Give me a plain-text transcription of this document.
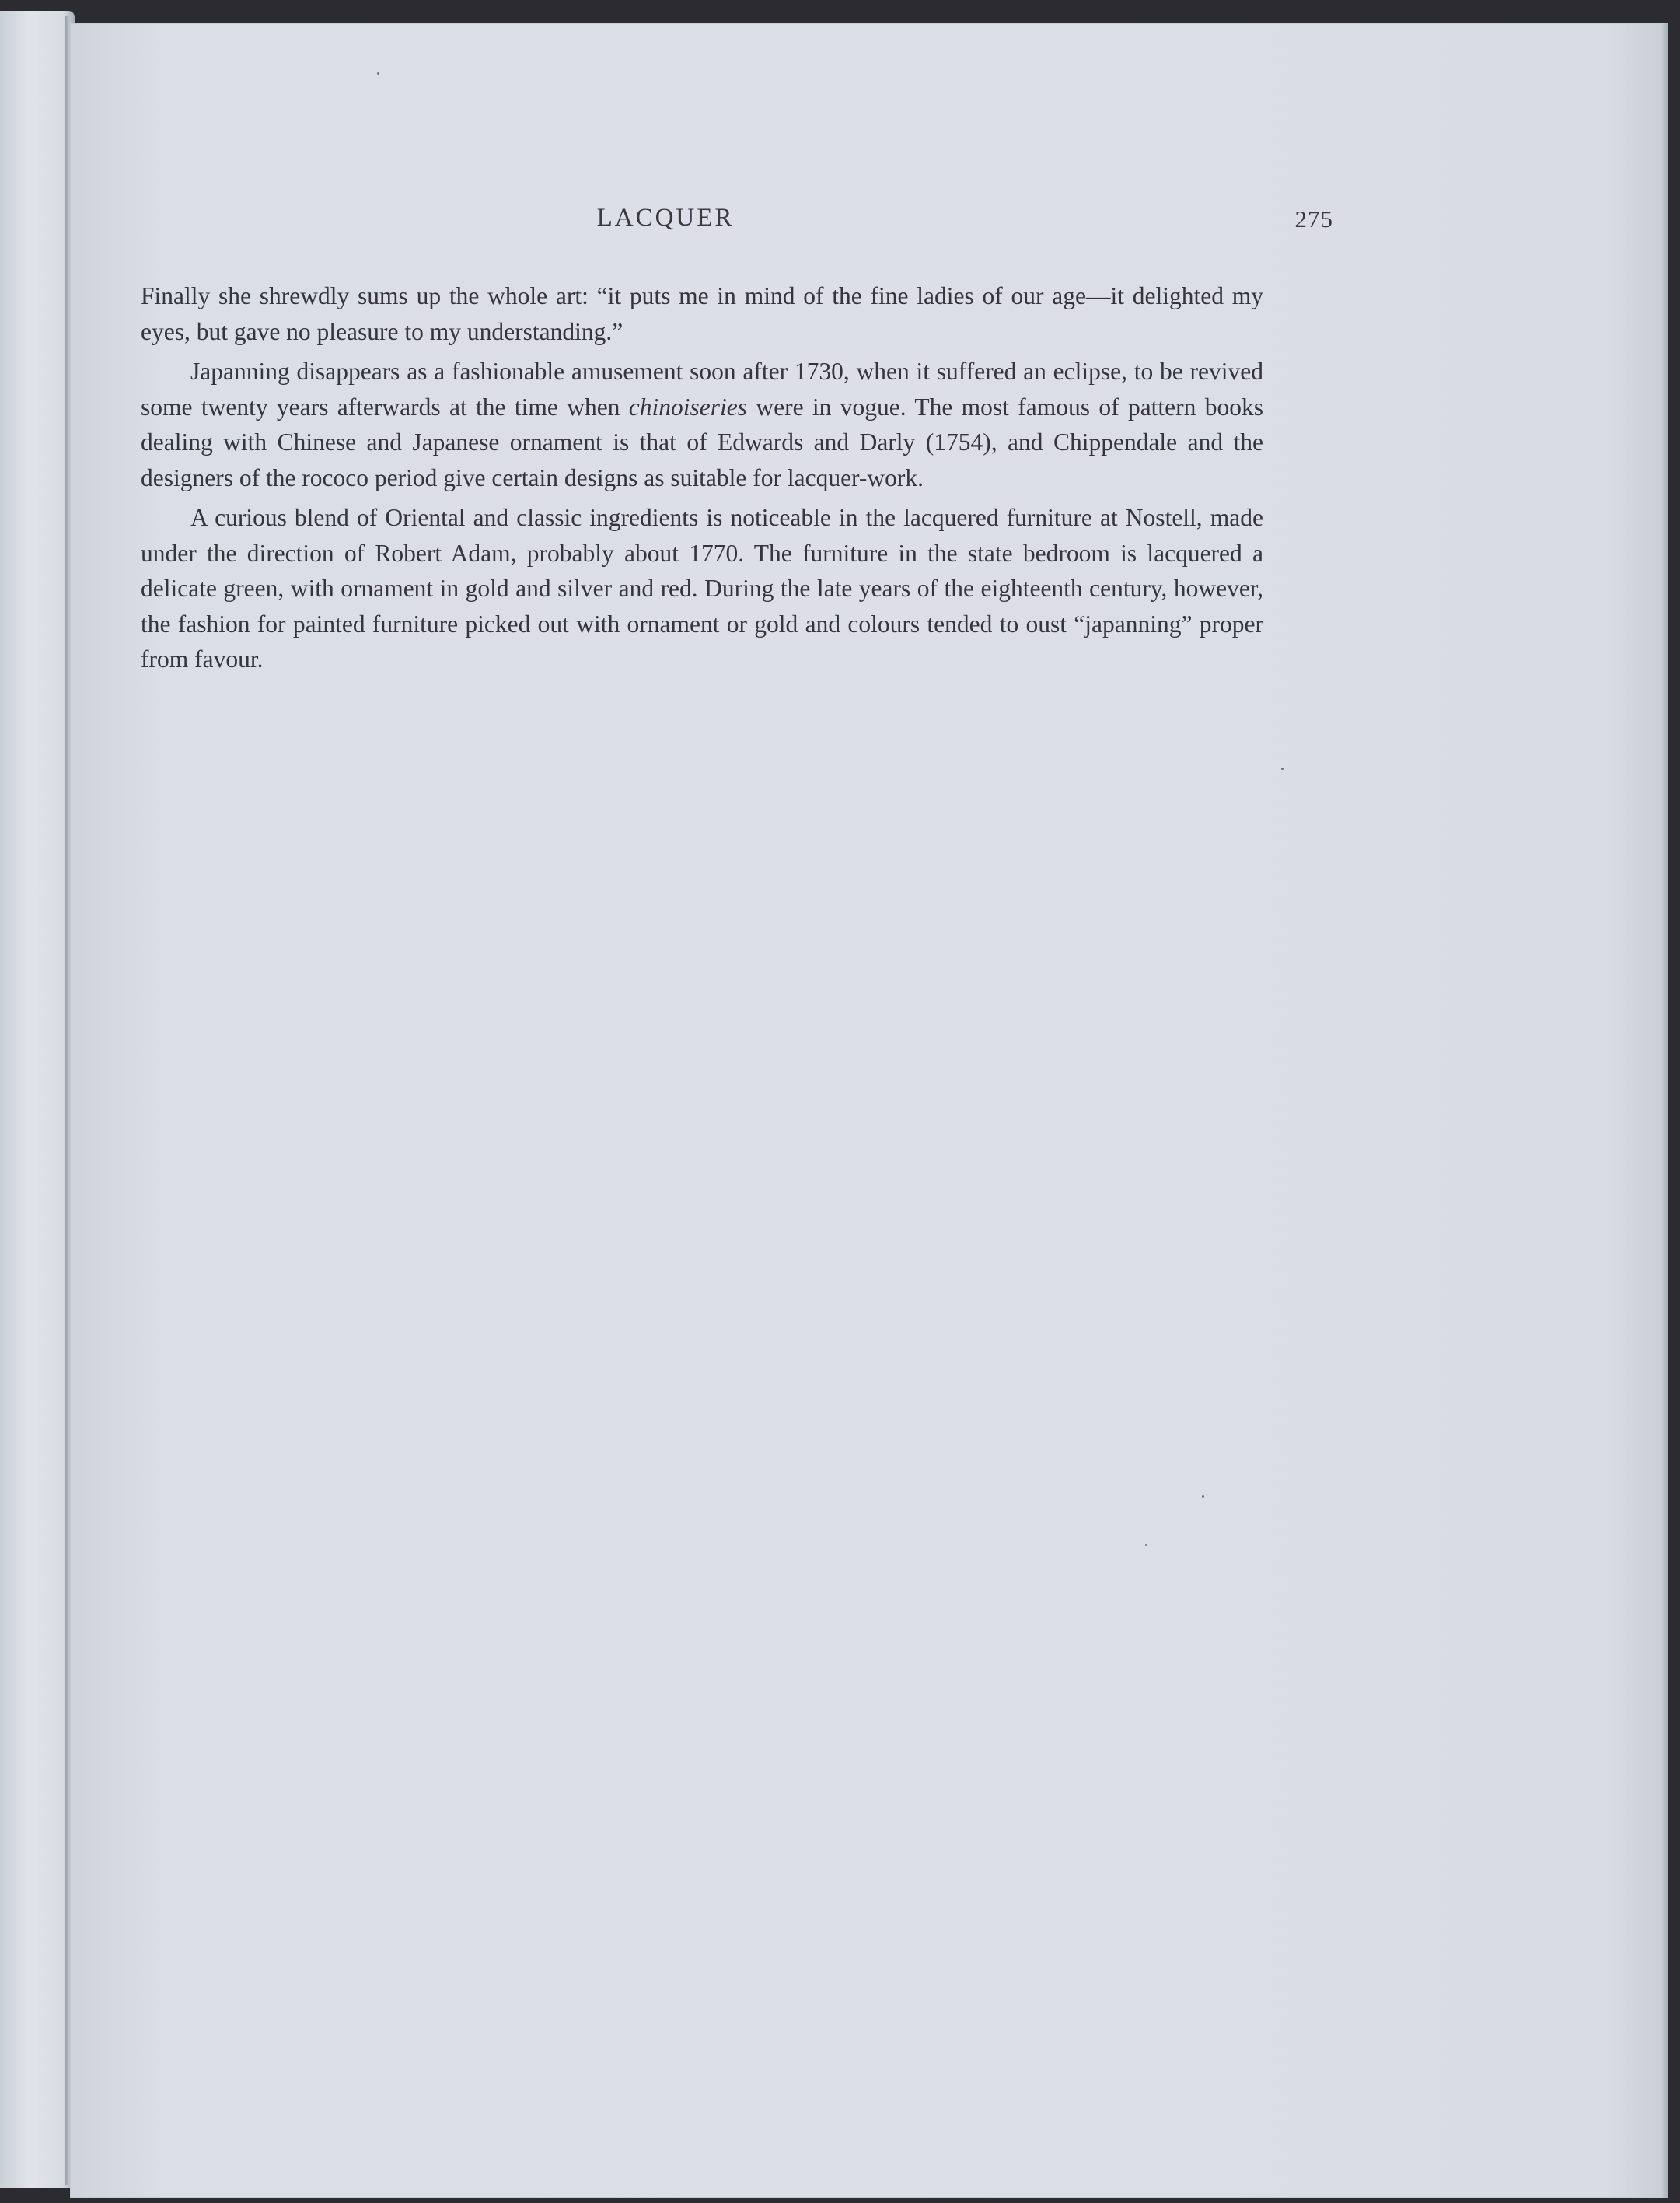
LACQUER	275

Finally she shrewdly sums up the whole art: “it puts me in mind of the fine ladies of our age—it delighted my eyes, but gave no pleasure to my understanding.”

Japanning disappears as a fashionable amusement soon after 1730, when it suffered an eclipse, to be revived some twenty years afterwards at the time when chinoiseries were in vogue. The most famous of pattern books dealing with Chinese and Japanese ornament is that of Edwards and Darly (1754), and Chippendale and the designers of the rococo period give certain designs as suitable for lacquer-work.

A curious blend of Oriental and classic ingredients is noticeable in the lacquered furniture at Nostell, made under the direction of Robert Adam, probably about 1770. The furniture in the state bedroom is lacquered a delicate green, with ornament in gold and silver and red. During the late years of the eighteenth century, however, the fashion for painted furniture picked out with ornament or gold and colours tended to oust “japanning” proper from favour.
